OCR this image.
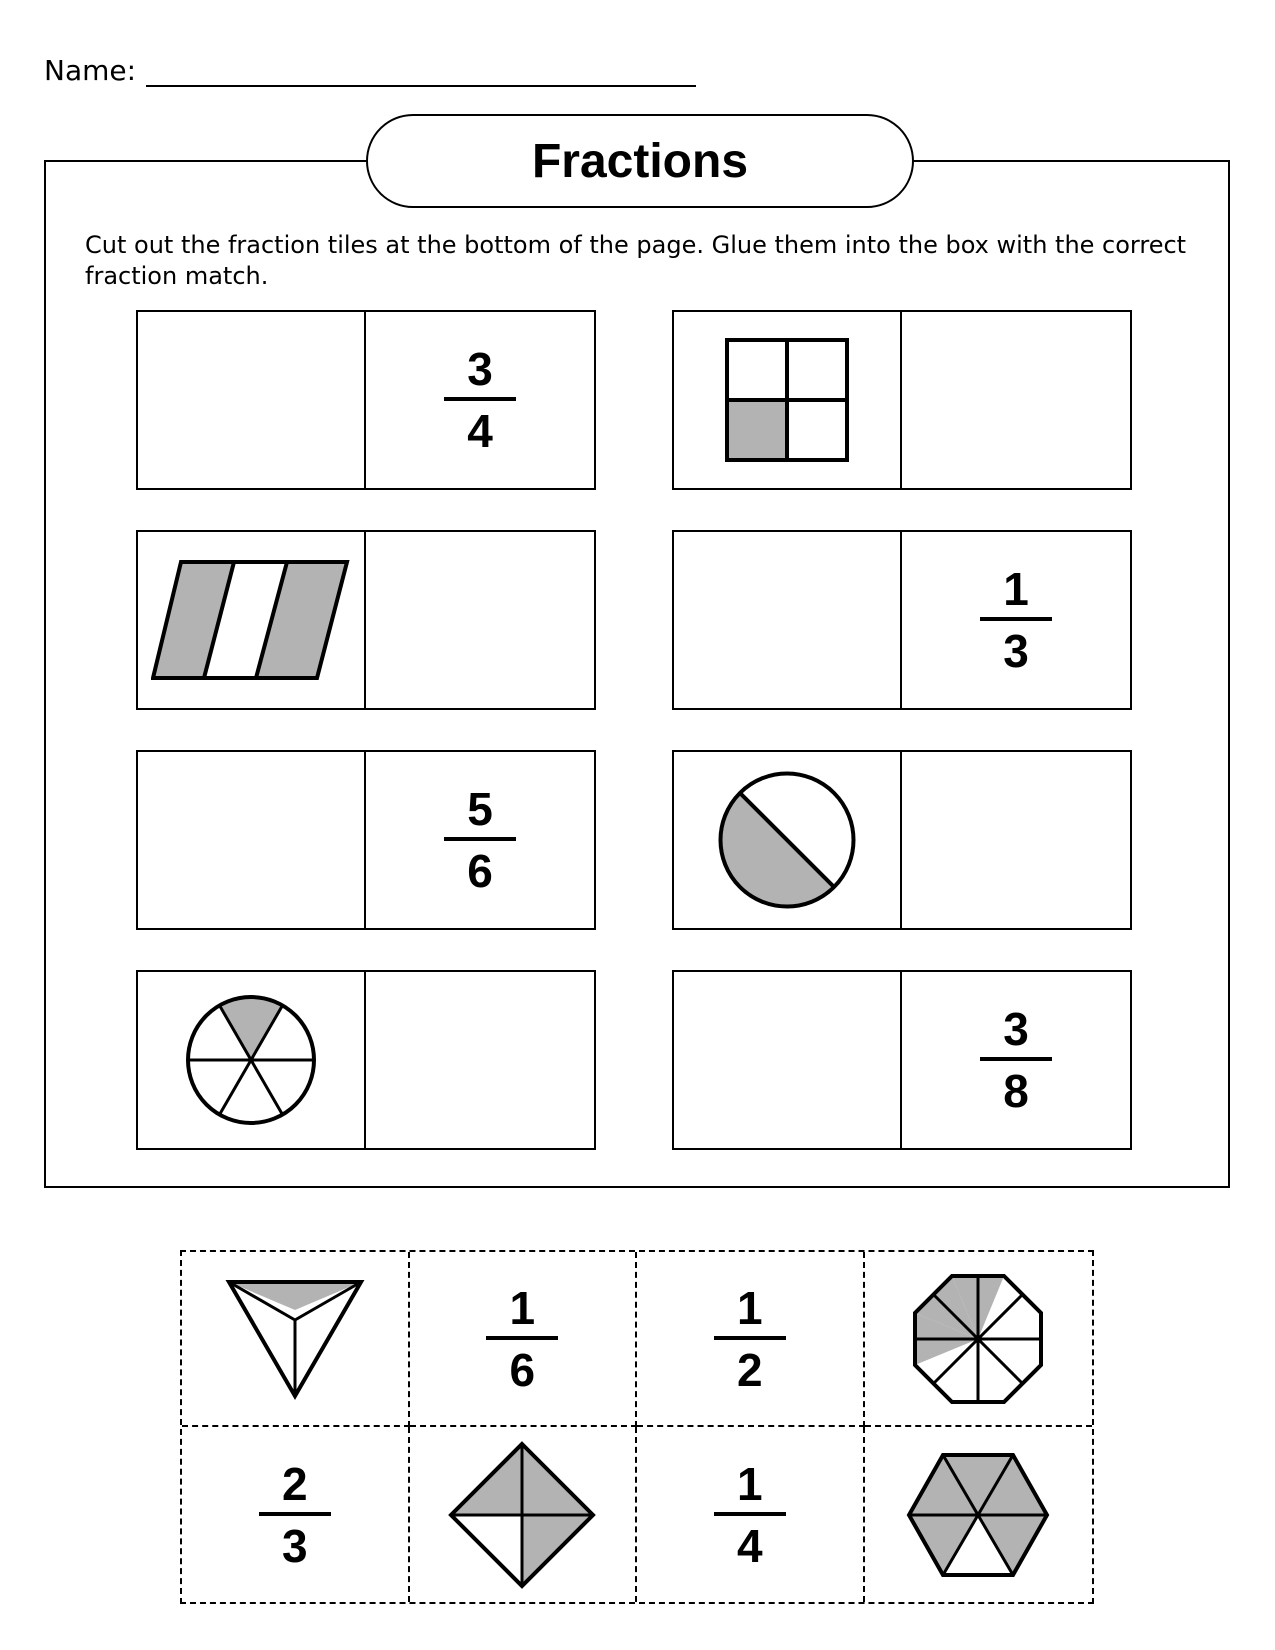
Name:
Fractions
Cut out the fraction tiles at the bottom of the page. Glue them into the box with the correct fraction match.
$\frac{3}{4}$
$\frac{1}{3}$
$\frac{5}{6}$
$\frac{3}{8}$
$\frac{1}{6}$	$\frac{1}{2}$
$\frac{2}{3}$	$\frac{1}{4}$
